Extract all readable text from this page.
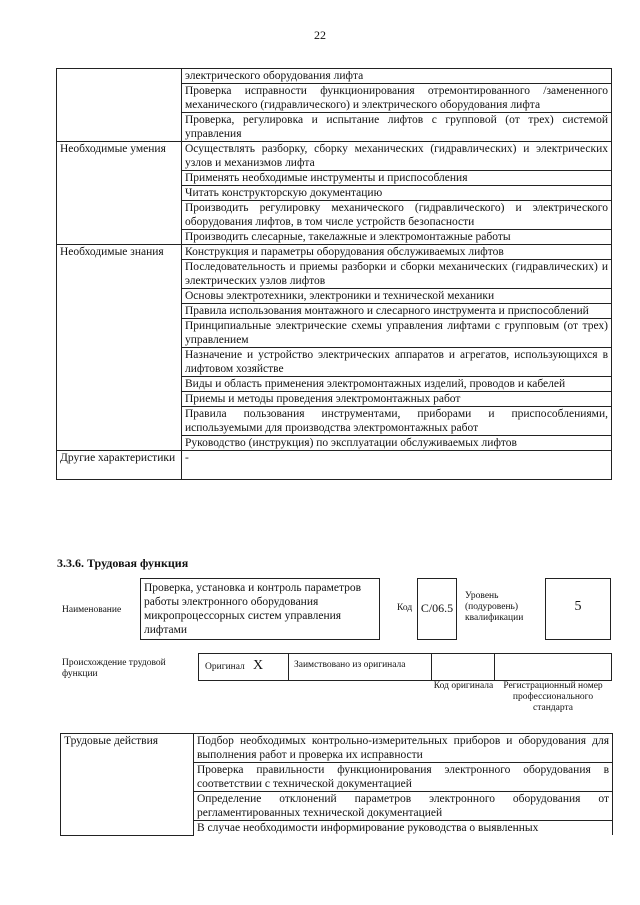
22
	электрического оборудования лифта
	Проверка исправности функционирования отремонтированного /замененного механического (гидравлического) и электрического оборудования лифта
	Проверка, регулировка и испытание лифтов с групповой (от трех) системой управления
Необходимые умения	Осуществлять разборку, сборку механических (гидравлических) и электрических узлов и механизмов лифта
	Применять необходимые инструменты и приспособления
	Читать конструкторскую документацию
	Производить регулировку механического (гидравлического) и электрического оборудования лифтов, в том числе устройств безопасности
	Производить слесарные, такелажные и электромонтажные работы
Необходимые знания	Конструкция и параметры оборудования обслуживаемых лифтов
	Последовательность и приемы разборки и сборки механических (гидравлических) и электрических узлов лифтов
	Основы электротехники, электроники и технической механики
	Правила использования монтажного и слесарного инструмента и приспособлений
	Принципиальные электрические схемы управления лифтами с групповым (от трех) управлением
	Назначение и устройство электрических аппаратов и агрегатов, использующихся в лифтовом хозяйстве
	Виды и область применения электромонтажных изделий, проводов и кабелей
	Приемы и методы проведения электромонтажных работ
	Правила пользования инструментами, приборами и приспособлениями, используемыми для производства электромонтажных работ
	Руководство (инструкция) по эксплуатации обслуживаемых лифтов
Другие характеристики	-
3.3.6. Трудовая функция
Наименование
Проверка, установка и контроль параметров работы электронного оборудования микропроцессорных систем управления лифтами
Код C/06.5
Уровень (подуровень) квалификации
5
Происхождение трудовой функции
Оригинал X	Заимствовано из оригинала
Код оригинала	Регистрационный номер профессионального стандарта
Трудовые действия	Подбор необходимых контрольно-измерительных приборов и оборудования для выполнения работ и проверка их исправности
Проверка правильности функционирования электронного оборудования в соответствии с технической документацией
Определение отклонений параметров электронного оборудования от регламентированных технической документацией
В случае необходимости информирование руководства о выявленных
